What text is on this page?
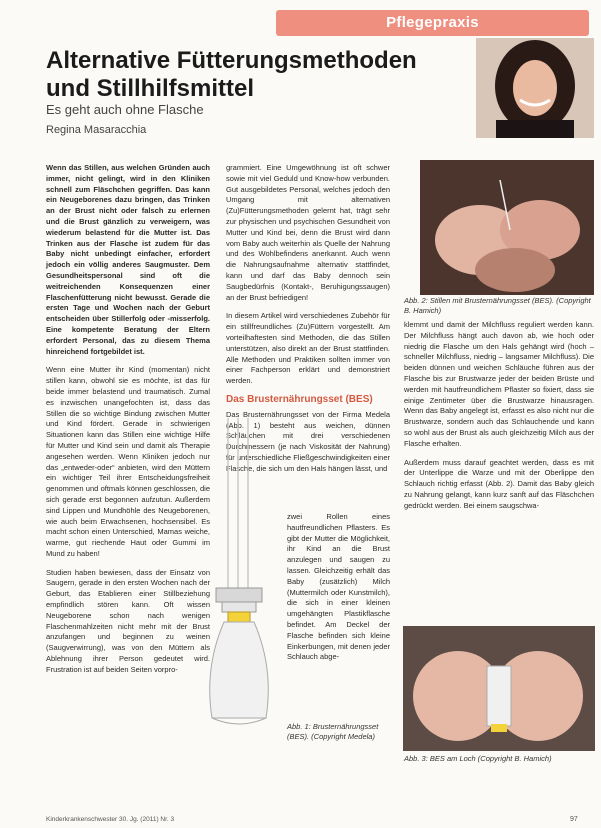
Pflegepraxis
Alternative Fütterungsmethoden
und Stillhilfsmittel
Es geht auch ohne Flasche
Regina Masaracchia

Wenn das Stillen, aus welchen Gründen auch immer, nicht gelingt, wird in den Kliniken schnell zum Fläschchen gegriffen. Das kann ein Neugeborenes dazu bringen, das Trinken an der Brust nicht oder falsch zu erlernen und die Brust gänzlich zu verweigern, was wiederum belastend für die Mutter ist. Das Trinken aus der Flasche ist zudem für das Baby nicht unbedingt einfacher, erfordert jedoch ein völlig anderes Saugmuster. Dem Gesundheitspersonal sind oft die weitreichenden Konsequenzen einer Flaschenfütterung nicht bewusst. Gerade die ersten Tage und Wochen nach der Geburt entscheiden über Stillerfolg oder -misserfolg. Eine kompetente Beratung der Eltern erfordert Personal, das zu diesem Thema hinreichend fortgebildet ist.

Wenn eine Mutter ihr Kind (momentan) nicht stillen kann, obwohl sie es möchte, ist das für beide immer belastend und traumatisch. Zumal es inzwischen unangefochten ist, dass das Stillen die so wichtige Bindung zwischen Mutter und Kind fördert. Gerade in schwierigen Situationen kann das Stillen eine wichtige Hilfe für Mutter und Kind sein und damit als Therapie angesehen werden. Wenn Kliniken jedoch nur das „entweder-oder“ anbieten, wird den Müttern ein wichtiger Teil ihrer Entscheidungsfreiheit genommen und oftmals können geschlossen, die sich gerade erst begonnen aufzutun. Außerdem sind Lippen und Mundhöhle des Neugeborenen, wie auch beim Erwachsenen, hochsensibel. Es macht schon einen Unterschied, Mamas weiche, warme, gut riechende Haut oder Gummi im Mund zu haben!

Studien haben bewiesen, dass der Einsatz von Saugern, gerade in den ersten Wochen nach der Geburt, das Etablieren einer Stillbeziehung empfindlich stören kann. Oft wissen Neugeborene schon nach wenigen Flaschenmahlzeiten nicht mehr mit der Brust anzufangen und beginnen zu weinen (Saugverwirrung), was von den Müttern als Ablehnung ihrer Person gedeutet wird. Frustration ist auf beiden Seiten vorpro-

grammiert. Eine Umgewöhnung ist oft schwer sowie mit viel Geduld und Know-how verbunden. Gut ausgebildetes Personal, welches jedoch den Umgang mit alternativen (Zu)Fütterungsmethoden gelernt hat, trägt sehr zur physischen und psychischen Gesundheit von Mutter und Kind bei, denn die Brust wird dann vom Baby auch weiterhin als Quelle der Nahrung und des Wohlbefindens anerkannt. Auch wenn die Nahrungsaufnahme alternativ stattfindet, kann und darf das Baby dennoch sein Saugbedürfnis (Kontakt-, Beruhigungssaugen) an der Brust befriedigen!

In diesem Artikel wird verschiedenes Zubehör für ein stillfreundliches (Zu)Füttern vorgestellt. Am vorteilhaftesten sind Methoden, die das Stillen unterstützen, also direkt an der Brust stattfinden. Alle Methoden und Praktiken sollten immer von einer Fachperson erklärt und demonstriert werden.

Das Brusternährungsset (BES)

Das Brusternährungsset von der Firma Medela (Abb. 1) besteht aus weichen, dünnen Schläuchen mit drei verschiedenen Durchmessern (je nach Viskosität der Nahrung) für unterschiedliche Fließgeschwindigkeiten einer Flasche, die sich um den Hals hängen lässt, und

zwei Rollen eines hautfreundlichen Pflasters. Es gibt der Mutter die Möglichkeit, ihr Kind an die Brust anzulegen und saugen zu lassen. Gleichzeitig erhält das Baby (zusätzlich) Milch (Muttermilch oder Kunstmilch), die sich in einer kleinen umgehängten Plastikflasche befindet. Am Deckel der Flasche befinden sich kleine Einkerbungen, mit denen jeder Schlauch abge-

Abb. 1: Brusternährungsset (BES). (Copyright Medela)
Abb. 2: Stillen mit Brusternährungsset (BES). (Copyright B. Hamich)

klemmt und damit der Milchfluss reguliert werden kann. Der Milchfluss hängt auch davon ab, wie hoch oder niedrig die Flasche um den Hals gehängt wird (hoch – schneller Milchfluss, niedrig – langsamer Milchfluss). Die beiden dünnen und weichen Schläuche führen aus der Flasche bis zur Brustwarze jeder der beiden Brüste und werden mit hautfreundlichem Pflaster so fixiert, dass sie einige Zentimeter über die Brustwarze hinausragen. Wenn das Baby angelegt ist, erfasst es also nicht nur die Brustwarze, sondern auch das Schlauchende und kann so wohl aus der Brust als auch gleichzeitig Milch aus der Flasche erhalten.

Außerdem muss darauf geachtet werden, dass es mit der Unterlippe die Warze und mit der Oberlippe den Schlauch richtig erfasst (Abb. 2). Damit das Baby gleich zu Nahrung gelangt, kann kurz sanft auf das Fläschchen gedrückt werden. Bei einem saugschwa-

Abb. 3: BES am Loch (Copyright B. Hamich)
Kinderkrankenschwester 30. Jg. (2011) Nr. 3	97
